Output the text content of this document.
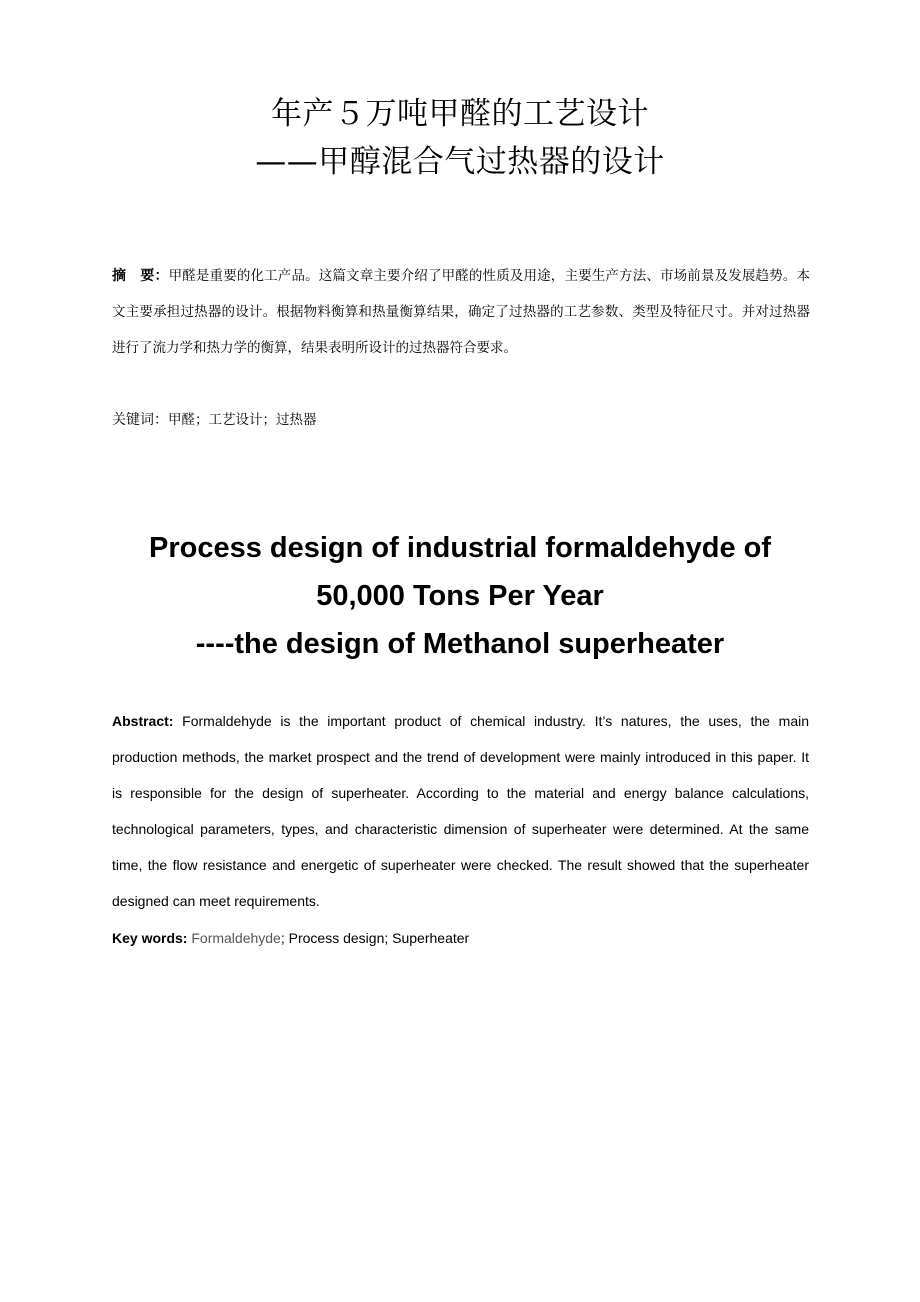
年产５万吨甲醛的工艺设计
——甲醇混合气过热器的设计
摘　要：甲醛是重要的化工产品。这篇文章主要介绍了甲醛的性质及用途，主要生产方法、市场前景及发展趋势。本文主要承担过热器的设计。根据物料衡算和热量衡算结果，确定了过热器的工艺参数、类型及特征尺寸。并对过热器进行了流力学和热力学的衡算，结果表明所设计的过热器符合要求。
关键词：甲醛；工艺设计；过热器
Process design of industrial formaldehyde of
50,000 Tons Per Year
----the design of Methanol superheater
Abstract: Formaldehyde is the important product of chemical industry. It’s natures, the uses, the main production methods, the market prospect and the trend of development were mainly introduced in this paper. It is responsible for the design of superheater. According to the material and energy balance calculations, technological parameters, types, and characteristic dimension of superheater were determined. At the same time, the flow resistance and energetic of superheater were checked. The result showed that the superheater designed can meet requirements.
Key words: Formaldehyde; Process design; Superheater
